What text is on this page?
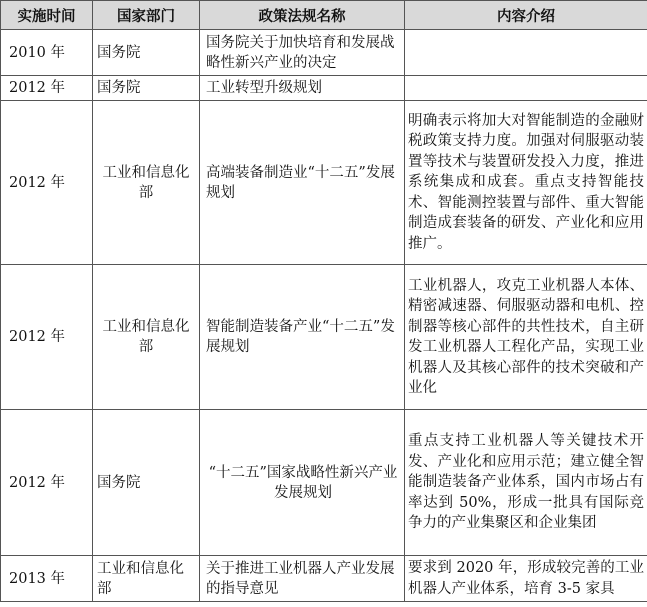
实施时间	国家部门	政策法规名称	内容介绍
2010 年	国务院	国务院关于加快培育和发展战略性新兴产业的决定	
2012 年	国务院	工业转型升级规划	
2012 年	工业和信息化部	高端装备制造业“十二五”发展规划	明确表示将加大对智能制造的金融财税政策支持力度。加强对伺服驱动装置等技术与装置研发投入力度，推进系统集成和成套。重点支持智能技术、智能测控装置与部件、重大智能制造成套装备的研发、产业化和应用推广。
2012 年	工业和信息化部	智能制造装备产业“十二五”发展规划	工业机器人，攻克工业机器人本体、精密减速器、伺服驱动器和电机、控制器等核心部件的共性技术，自主研发工业机器人工程化产品，实现工业机器人及其核心部件的技术突破和产业化
2012 年	国务院	“十二五”国家战略性新兴产业发展规划	重点支持工业机器人等关键技术开发、产业化和应用示范；建立健全智能制造装备产业体系，国内市场占有率达到 50%，形成一批具有国际竞争力的产业集聚区和企业集团
2013 年	工业和信息化部	关于推进工业机器人产业发展的指导意见	要求到 2020 年，形成较完善的工业机器人产业体系，培育 3-5 家具
